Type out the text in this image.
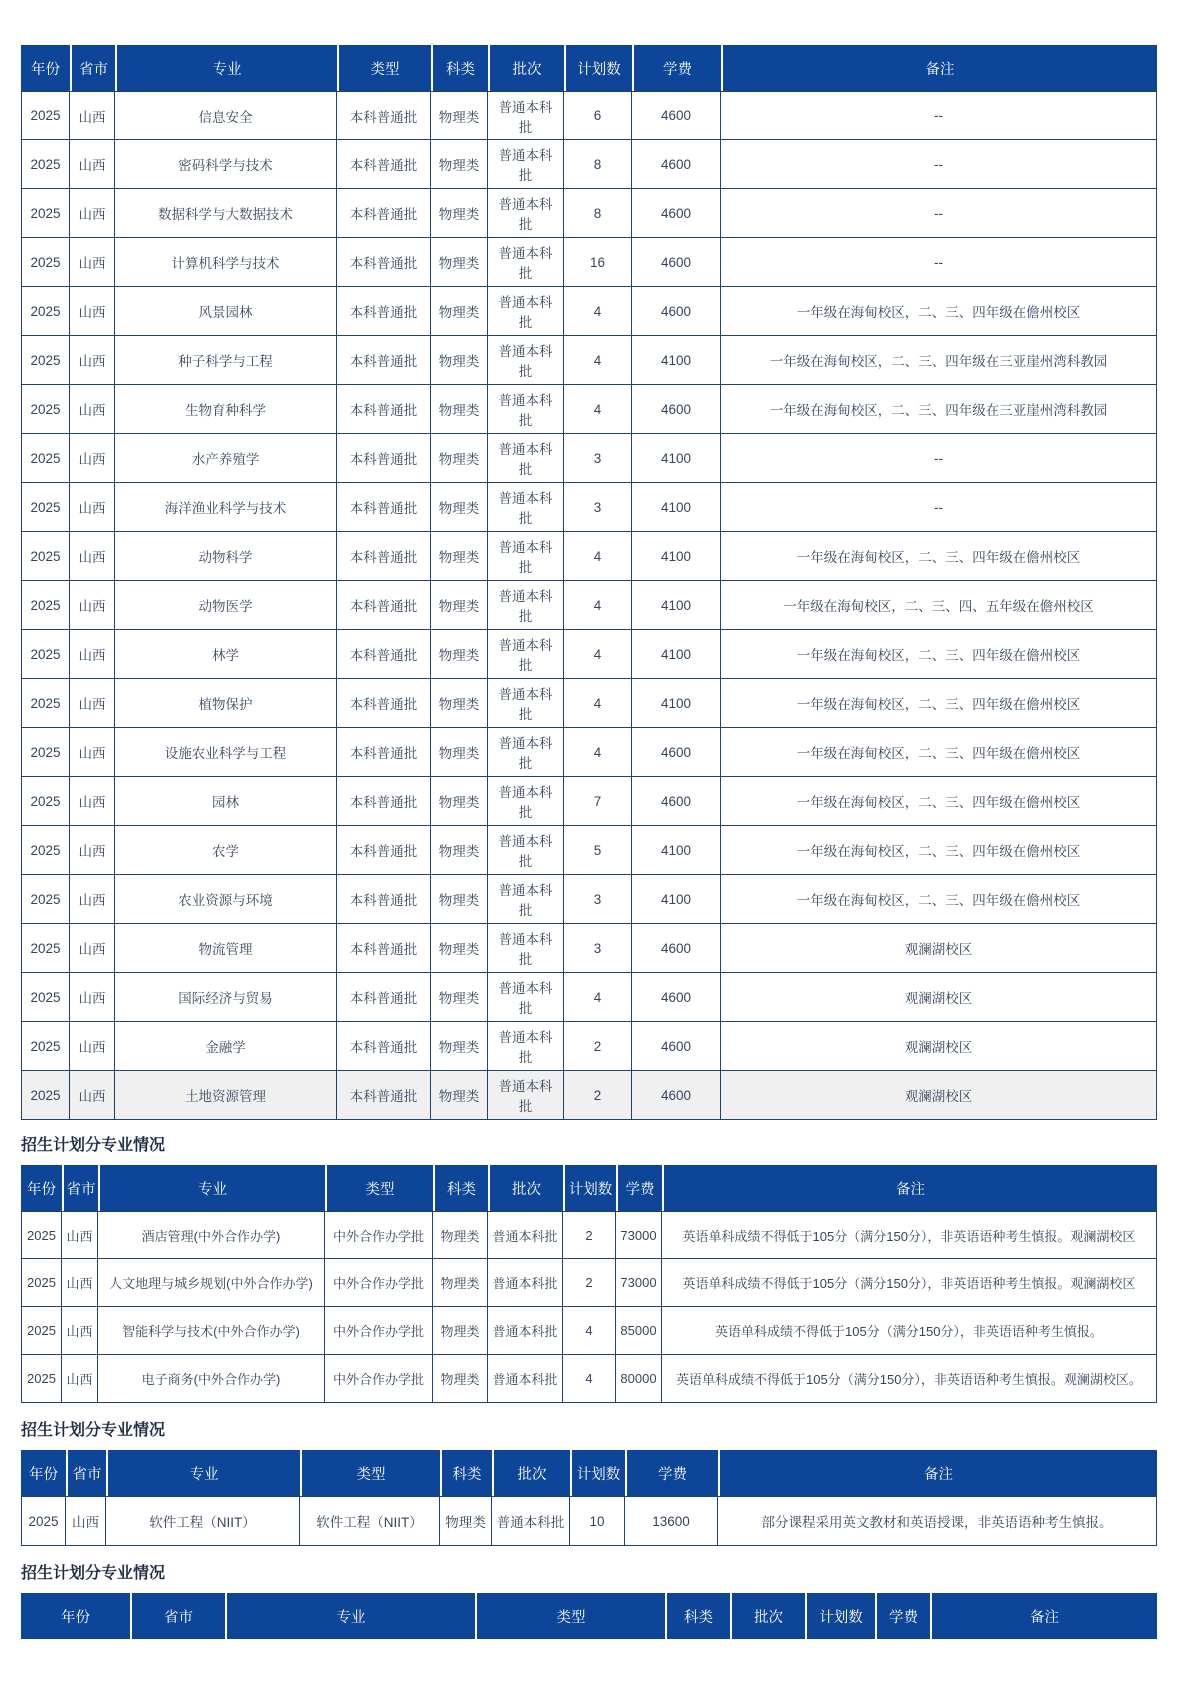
年份	省市	专业	类型	科类	批次	计划数	学费	备注
2025	山西	信息安全	本科普通批	物理类	普通本科批	6	4600	--
2025	山西	密码科学与技术	本科普通批	物理类	普通本科批	8	4600	--
2025	山西	数据科学与大数据技术	本科普通批	物理类	普通本科批	8	4600	--
2025	山西	计算机科学与技术	本科普通批	物理类	普通本科批	16	4600	--
2025	山西	风景园林	本科普通批	物理类	普通本科批	4	4600	一年级在海甸校区，二、三、四年级在儋州校区
2025	山西	种子科学与工程	本科普通批	物理类	普通本科批	4	4100	一年级在海甸校区，二、三、四年级在三亚崖州湾科教园
2025	山西	生物育种科学	本科普通批	物理类	普通本科批	4	4600	一年级在海甸校区，二、三、四年级在三亚崖州湾科教园
2025	山西	水产养殖学	本科普通批	物理类	普通本科批	3	4100	--
2025	山西	海洋渔业科学与技术	本科普通批	物理类	普通本科批	3	4100	--
2025	山西	动物科学	本科普通批	物理类	普通本科批	4	4100	一年级在海甸校区，二、三、四年级在儋州校区
2025	山西	动物医学	本科普通批	物理类	普通本科批	4	4100	一年级在海甸校区，二、三、四、五年级在儋州校区
2025	山西	林学	本科普通批	物理类	普通本科批	4	4100	一年级在海甸校区，二、三、四年级在儋州校区
2025	山西	植物保护	本科普通批	物理类	普通本科批	4	4100	一年级在海甸校区，二、三、四年级在儋州校区
2025	山西	设施农业科学与工程	本科普通批	物理类	普通本科批	4	4600	一年级在海甸校区，二、三、四年级在儋州校区
2025	山西	园林	本科普通批	物理类	普通本科批	7	4600	一年级在海甸校区，二、三、四年级在儋州校区
2025	山西	农学	本科普通批	物理类	普通本科批	5	4100	一年级在海甸校区，二、三、四年级在儋州校区
2025	山西	农业资源与环境	本科普通批	物理类	普通本科批	3	4100	一年级在海甸校区，二、三、四年级在儋州校区
2025	山西	物流管理	本科普通批	物理类	普通本科批	3	4600	观澜湖校区
2025	山西	国际经济与贸易	本科普通批	物理类	普通本科批	4	4600	观澜湖校区
2025	山西	金融学	本科普通批	物理类	普通本科批	2	4600	观澜湖校区
2025	山西	土地资源管理	本科普通批	物理类	普通本科批	2	4600	观澜湖校区
招生计划分专业情况
年份	省市	专业	类型	科类	批次	计划数	学费	备注
2025	山西	酒店管理(中外合作办学)	中外合作办学批	物理类	普通本科批	2	73000	英语单科成绩不得低于105分（满分150分），非英语语种考生慎报。观澜湖校区
2025	山西	人文地理与城乡规划(中外合作办学)	中外合作办学批	物理类	普通本科批	2	73000	英语单科成绩不得低于105分（满分150分），非英语语种考生慎报。观澜湖校区
2025	山西	智能科学与技术(中外合作办学)	中外合作办学批	物理类	普通本科批	4	85000	英语单科成绩不得低于105分（满分150分），非英语语种考生慎报。
2025	山西	电子商务(中外合作办学)	中外合作办学批	物理类	普通本科批	4	80000	英语单科成绩不得低于105分（满分150分），非英语语种考生慎报。观澜湖校区。
招生计划分专业情况
年份	省市	专业	类型	科类	批次	计划数	学费	备注
2025	山西	软件工程（NIIT）	软件工程（NIIT）	物理类	普通本科批	10	13600	部分课程采用英文教材和英语授课，非英语语种考生慎报。
招生计划分专业情况
年份	省市	专业	类型	科类	批次	计划数	学费	备注
